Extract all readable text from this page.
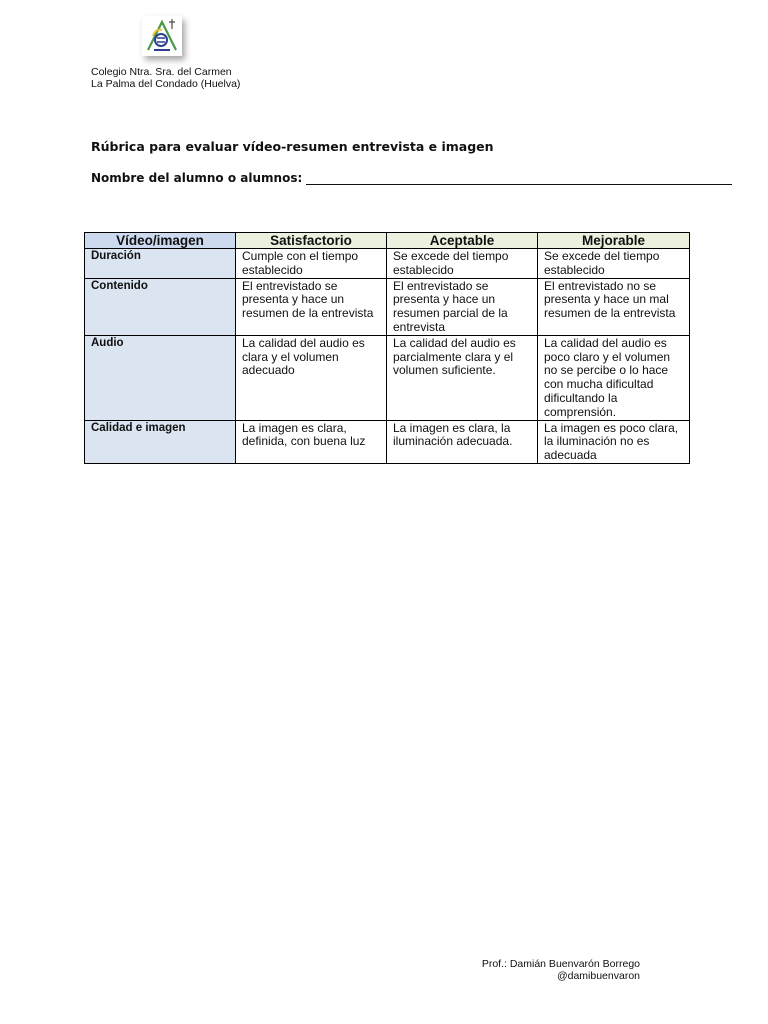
Colegio Ntra. Sra. del Carmen
La Palma del Condado (Huelva)
Rúbrica para evaluar vídeo-resumen entrevista e imagen
Nombre del alumno o alumnos:
Vídeo/imagen	Satisfactorio	Aceptable	Mejorable
Duración	Cumple con el tiempo establecido	Se excede del tiempo establecido	Se excede del tiempo establecido
Contenido	El entrevistado se presenta y hace un resumen de la entrevista	El entrevistado se presenta y hace un resumen parcial de la entrevista	El entrevistado no se presenta y hace un mal resumen de la entrevista
Audio	La calidad del audio es clara y el volumen adecuado	La calidad del audio es parcialmente clara y el volumen suficiente.	La calidad del audio es poco claro y el volumen no se percibe o lo hace con mucha dificultad dificultando la comprensión.
Calidad e imagen	La imagen es clara, definida, con buena luz	La imagen es clara, la iluminación adecuada.	La imagen es poco clara, la iluminación no es adecuada
Prof.: Damián Buenvarón Borrego
@damibuenvaron
